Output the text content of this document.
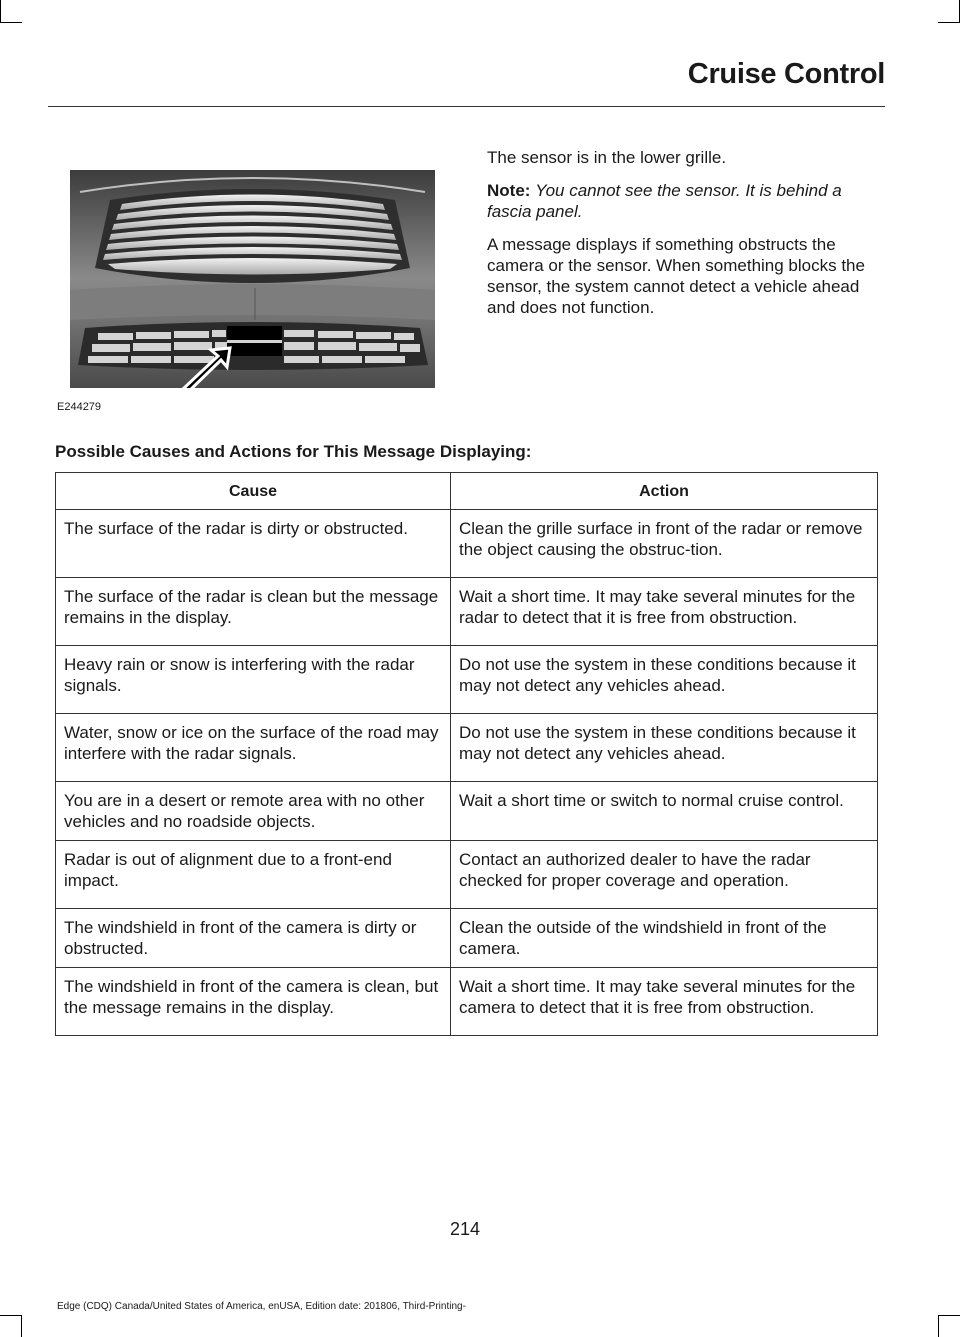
Cruise Control
E244279

The sensor is in the lower grille.

Note: You cannot see the sensor. It is behind a fascia panel.

A message displays if something obstructs the camera or the sensor. When something blocks the sensor, the system cannot detect a vehicle ahead and does not function.

Possible Causes and Actions for This Message Displaying:
Cause	Action
The surface of the radar is dirty or obstructed.	Clean the grille surface in front of the radar or remove the object causing the obstruc-tion.
The surface of the radar is clean but the message remains in the display.	Wait a short time. It may take several minutes for the radar to detect that it is free from obstruction.
Heavy rain or snow is interfering with the radar signals.	Do not use the system in these conditions because it may not detect any vehicles ahead.
Water, snow or ice on the surface of the road may interfere with the radar signals.	Do not use the system in these conditions because it may not detect any vehicles ahead.
You are in a desert or remote area with no other vehicles and no roadside objects.	Wait a short time or switch to normal cruise control.
Radar is out of alignment due to a front-end impact.	Contact an authorized dealer to have the radar checked for proper coverage and operation.
The windshield in front of the camera is dirty or obstructed.	Clean the outside of the windshield in front of the camera.
The windshield in front of the camera is clean, but the message remains in the display.	Wait a short time. It may take several minutes for the camera to detect that it is free from obstruction.
214
Edge (CDQ) Canada/United States of America, enUSA, Edition date: 201806, Third-Printing-
